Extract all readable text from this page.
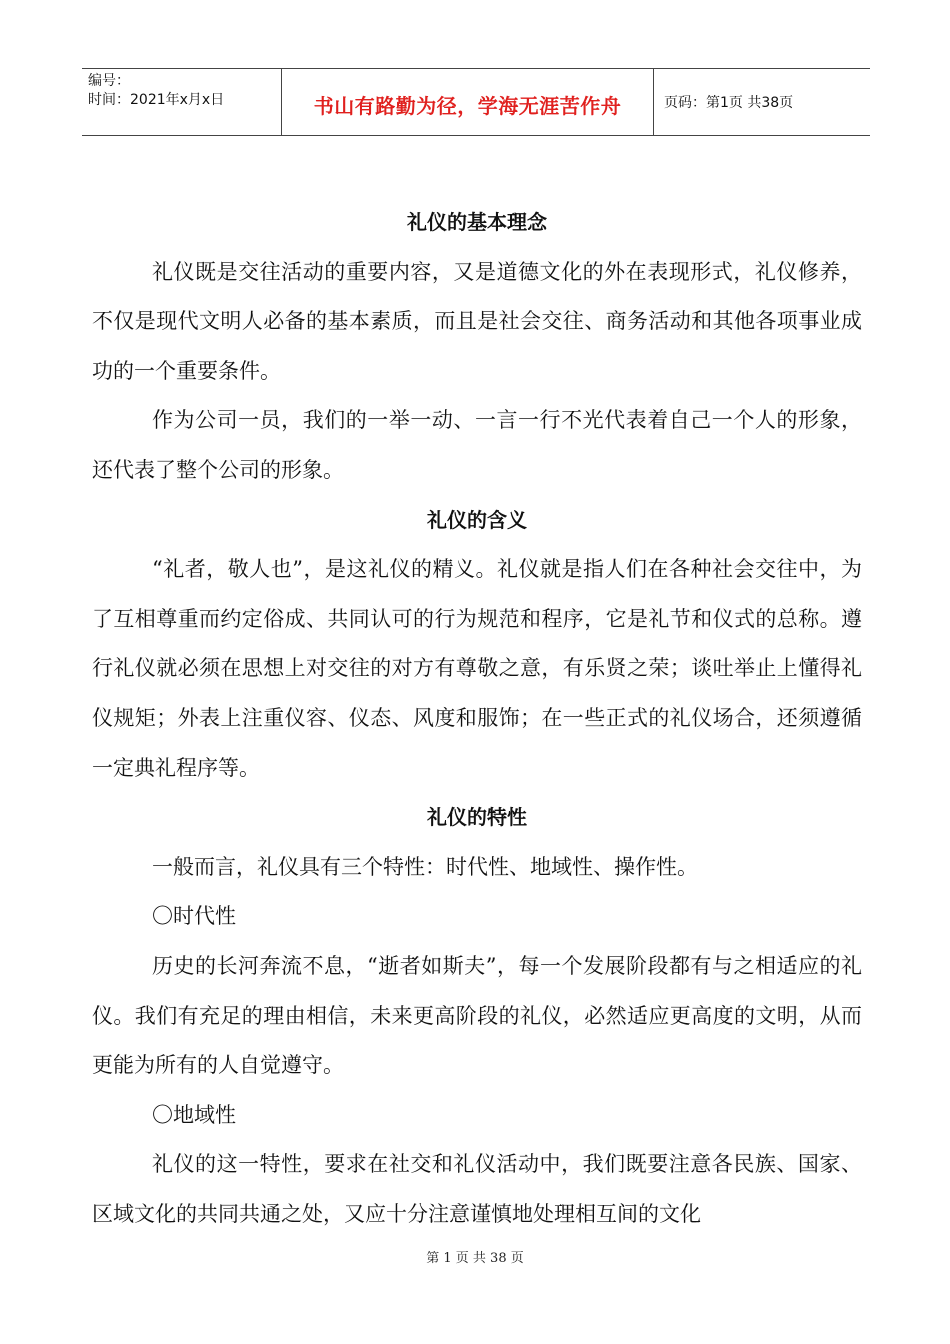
编号：
时间：2021年x月x日	书山有路勤为径，学海无涯苦作舟	页码：第1页 共38页

礼仪的基本理念

礼仪既是交往活动的重要内容，又是道德文化的外在表现形式，礼仪修养，不仅是现代文明人必备的基本素质，而且是社会交往、商务活动和其他各项事业成功的一个重要条件。

作为公司一员，我们的一举一动、一言一行不光代表着自己一个人的形象，还代表了整个公司的形象。

礼仪的含义

“礼者，敬人也”，是这礼仪的精义。礼仪就是指人们在各种社会交往中，为了互相尊重而约定俗成、共同认可的行为规范和程序，它是礼节和仪式的总称。遵行礼仪就必须在思想上对交往的对方有尊敬之意，有乐贤之荣；谈吐举止上懂得礼仪规矩；外表上注重仪容、仪态、风度和服饰；在一些正式的礼仪场合，还须遵循一定典礼程序等。

礼仪的特性

一般而言，礼仪具有三个特性：时代性、地域性、操作性。

〇时代性

历史的长河奔流不息，“逝者如斯夫”，每一个发展阶段都有与之相适应的礼仪。我们有充足的理由相信，未来更高阶段的礼仪，必然适应更高度的文明，从而更能为所有的人自觉遵守。

〇地域性

礼仪的这一特性，要求在社交和礼仪活动中，我们既要注意各民族、国家、区域文化的共同共通之处，又应十分注意谨慎地处理相互间的文化

第 1 页 共 38 页
